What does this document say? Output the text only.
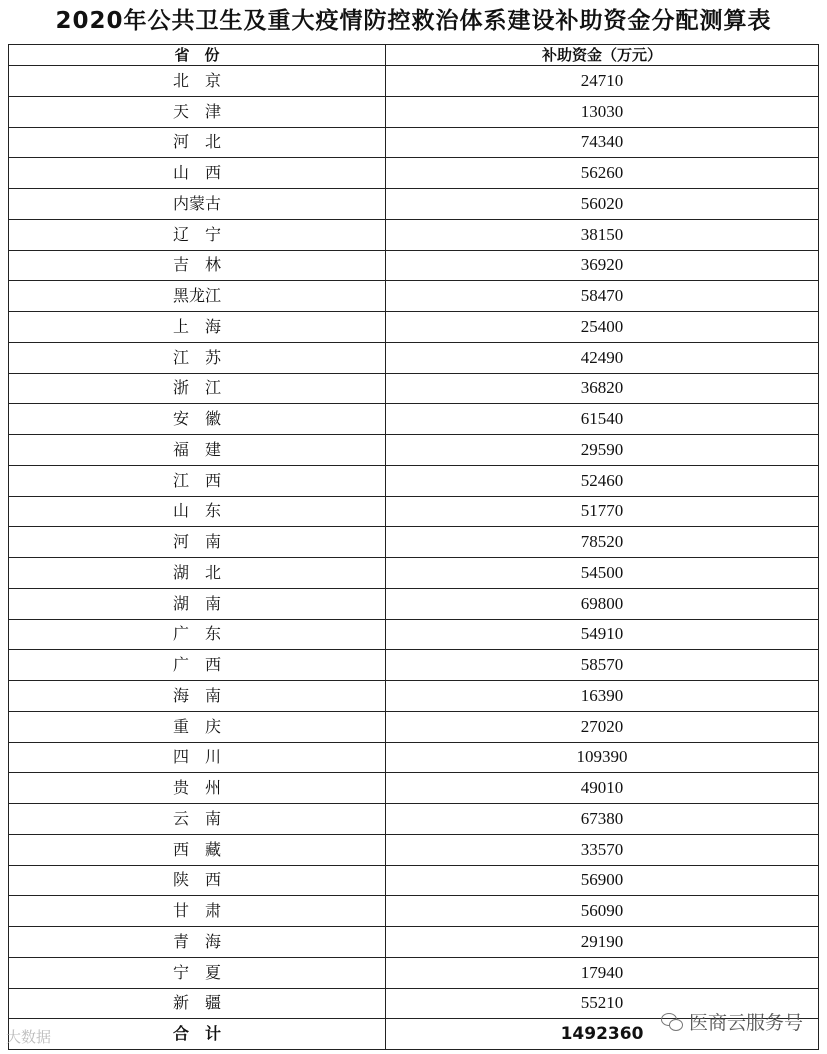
2020年公共卫生及重大疫情防控救治体系建设补助资金分配测算表
省　份	补助资金（万元）
北　京	24710
天　津	13030
河　北	74340
山　西	56260
内蒙古	56020
辽　宁	38150
吉　林	36920
黑龙江	58470
上　海	25400
江　苏	42490
浙　江	36820
安　徽	61540
福　建	29590
江　西	52460
山　东	51770
河　南	78520
湖　北	54500
湖　南	69800
广　东	54910
广　西	58570
海　南	16390
重　庆	27020
四　川	109390
贵　州	49010
云　南	67380
西　藏	33570
陕　西	56900
甘　肃	56090
青　海	29190
宁　夏	17940
新　疆	55210
合　计	1492360
大数据
医商云服务号
